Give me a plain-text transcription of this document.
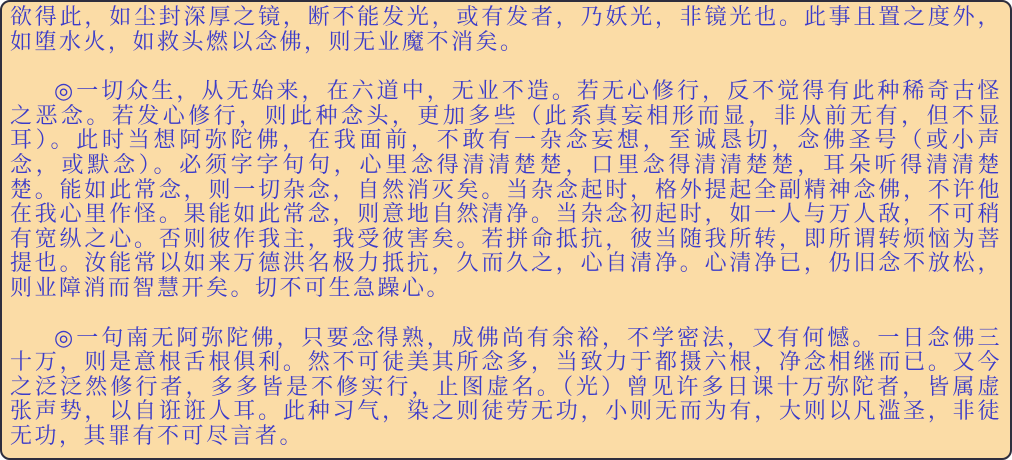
欲得此，如尘封深厚之镜，断不能发光，或有发者，乃妖光，非镜光也。此事且置之度外，如堕水火，如救头燃以念佛，则无业魔不消矣。

◎一切众生，从无始来，在六道中，无业不造。若无心修行，反不觉得有此种稀奇古怪之恶念。若发心修行，则此种念头，更加多些（此系真妄相形而显，非从前无有，但不显耳）。此时当想阿弥陀佛，在我面前，不敢有一杂念妄想，至诚恳切，念佛圣号（或小声念，或默念）。必须字字句句，心里念得清清楚楚，口里念得清清楚楚，耳朵听得清清楚楚。能如此常念，则一切杂念，自然消灭矣。当杂念起时，格外提起全副精神念佛，不许他在我心里作怪。果能如此常念，则意地自然清净。当杂念初起时，如一人与万人敌，不可稍有宽纵之心。否则彼作我主，我受彼害矣。若拼命抵抗，彼当随我所转，即所谓转烦恼为菩提也。汝能常以如来万德洪名极力抵抗，久而久之，心自清净。心清净已，仍旧念不放松，则业障消而智慧开矣。切不可生急躁心。

◎一句南无阿弥陀佛，只要念得熟，成佛尚有余裕，不学密法，又有何憾。一日念佛三十万，则是意根舌根俱利。然不可徒美其所念多，当致力于都摄六根，净念相继而已。又今之泛泛然修行者，多多皆是不修实行，止图虚名。（光）曾见许多日课十万弥陀者，皆属虚张声势，以自诳诳人耳。此种习气，染之则徒劳无功，小则无而为有，大则以凡滥圣，非徒无功，其罪有不可尽言者。
